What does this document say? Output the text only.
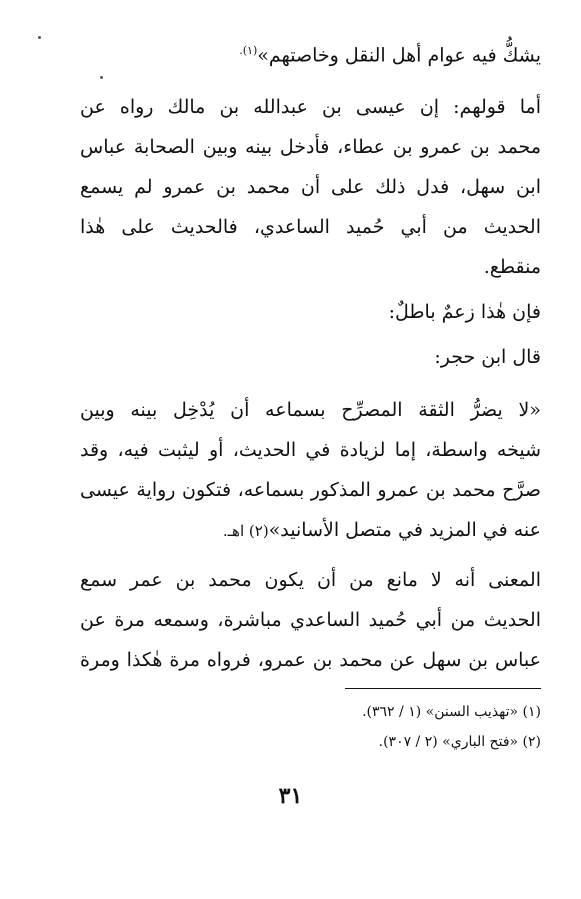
يشكُّ فيه عوام أهل النقل وخاصتهم»$^{(١).}$
أما قولهم: إن عيسى بن عبدالله بن مالك رواه عن
محمد بن عمرو بن عطاء، فأدخل بينه وبين الصحابة عباس
ابن سهل، فدل ذلك على أن محمد بن عمرو لم يسمع
الحديث من أبي حُميد الساعدي، فالحديث على هٰذا
منقطع.
فإن هٰذا زعمٌ باطلٌ:
قال ابن حجر:
«لا يضرُّ الثقة المصرِّح بسماعه أن يُدْخِل بينه وبين
شيخه واسطة، إما لزيادة في الحديث، أو ليثبت فيه، وقد
صرَّح محمد بن عمرو المذكور بسماعه، فتكون رواية عيسى
عنه في المزيد في متصل الأسانيد»(٢) اهـ.
المعنى أنه لا مانع من أن يكون محمد بن عمر سمع
الحديث من أبي حُميد الساعدي مباشرة، وسمعه مرة عن
عباس بن سهل عن محمد بن عمرو، فرواه مرة هٰكذا ومرة
(١) «تهذيب السنن» (١ / ٣٦٢).
(٢) «فتح الباري» (٢ / ٣٠٧).
٣١
